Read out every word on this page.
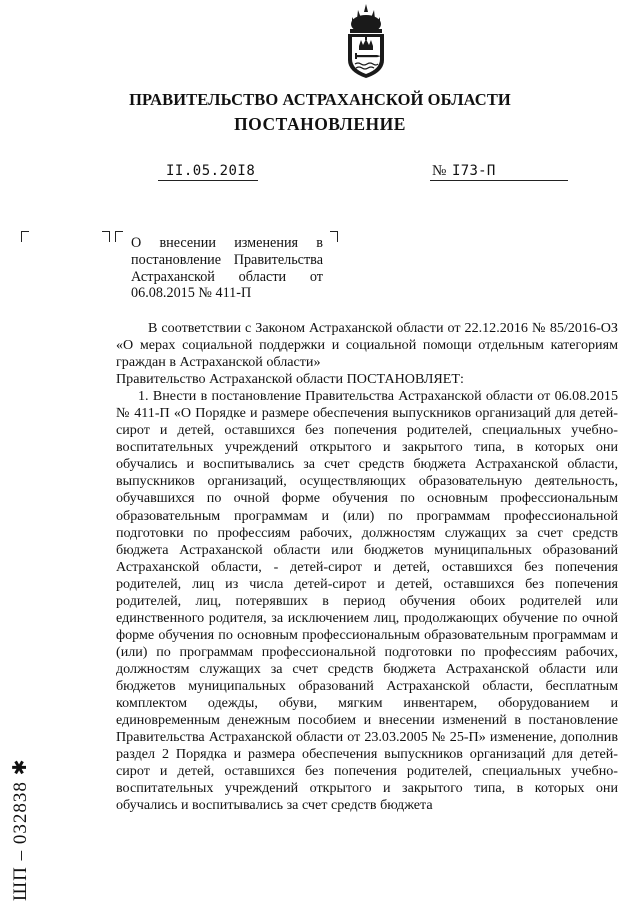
ПРАВИТЕЛЬСТВО АСТРАХАНСКОЙ ОБЛАСТИ
ПОСТАНОВЛЕНИЕ
II.05.20I8	№ I73-П
О внесении изменения в постановление Правительства Астраханской области от 06.08.2015 № 411-П

В соответствии с Законом Астраханской области от 22.12.2016 № 85/2016-ОЗ «О мерах социальной поддержки и социальной помощи отдельным категориям граждан в Астраханской области»

Правительство Астраханской области ПОСТАНОВЛЯЕТ:

1. Внести в постановление Правительства Астраханской области от 06.08.2015 № 411-П «О Порядке и размере обеспечения выпускников организаций для детей-сирот и детей, оставшихся без попечения родителей, специальных учебно-воспитательных учреждений открытого и закрытого типа, в которых они обучались и воспитывались за счет средств бюджета Астраханской области, выпускников организаций, осуществляющих образовательную деятельность, обучавшихся по очной форме обучения по основным профессиональным образовательным программам и (или) по программам профессиональной подготовки по профессиям рабочих, должностям служащих за счет средств бюджета Астраханской области или бюджетов муниципальных образований Астраханской области, - детей-сирот и детей, оставшихся без попечения родителей, лиц из числа детей-сирот и детей, оставшихся без попечения родителей, лиц, потерявших в период обучения обоих родителей или единственного родителя, за исключением лиц, продолжающих обучение по очной форме обучения по основным профессиональным образовательным программам и (или) по программам профессиональной подготовки по профессиям рабочих, должностям служащих за счет средств бюджета Астраханской области или бюджетов муниципальных образований Астраханской области, бесплатным комплектом одежды, обуви, мягким инвентарем, оборудованием и единовременным денежным пособием и внесении изменений в постановление Правительства Астраханской области от 23.03.2005 № 25-П» изменение, дополнив раздел 2 Порядка и размера обеспечения выпускников организаций для детей-сирот и детей, оставшихся без попечения родителей, специальных учебно-воспитательных учреждений открытого и закрытого типа, в которых они обучались и воспитывались за счет средств бюджета

ШП – 032838 ✱
